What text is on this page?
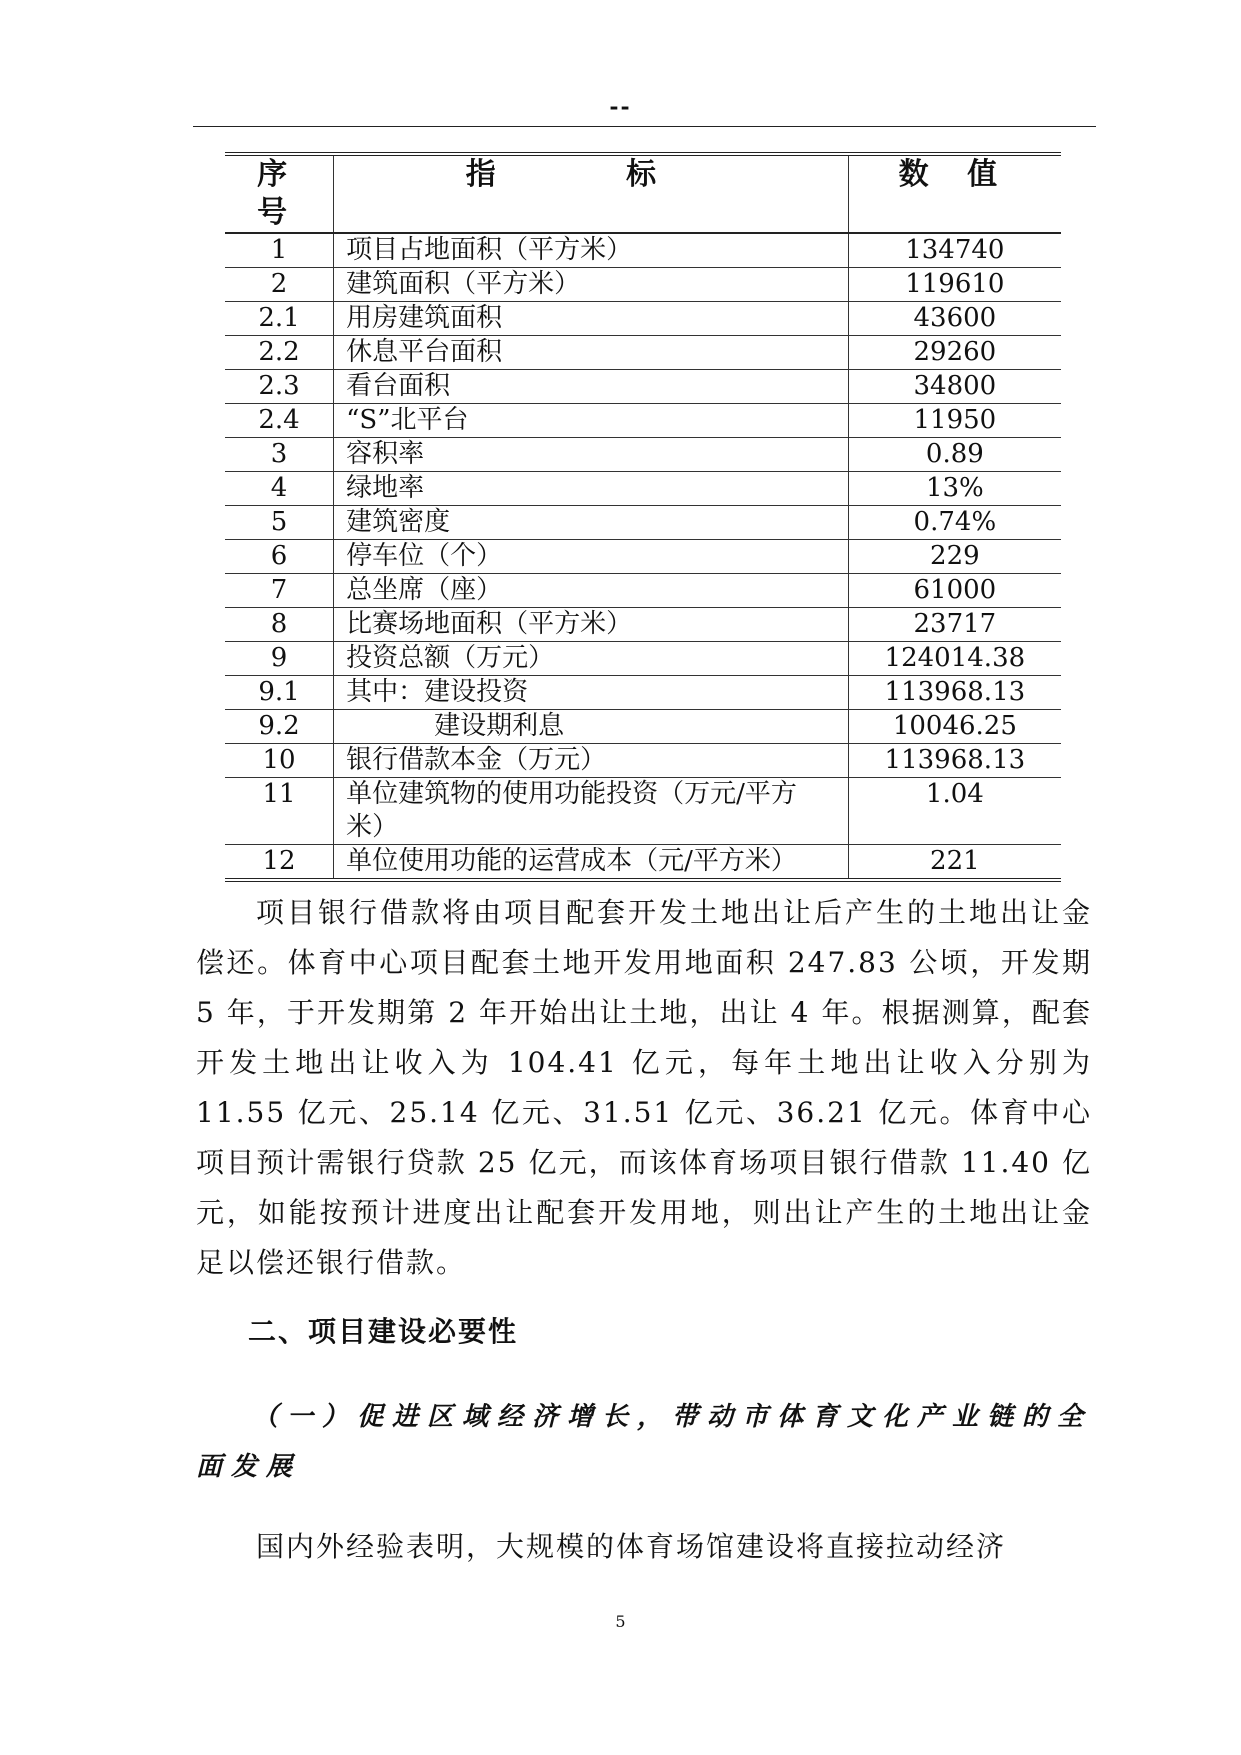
--
序 号	指 标	数 值
1	项目占地面积（平方米）	134740
2	建筑面积（平方米）	119610
2.1	用房建筑面积	43600
2.2	休息平台面积	29260
2.3	看台面积	34800
2.4	“S”北平台	11950
3	容积率	0.89
4	绿地率	13%
5	建筑密度	0.74%
6	停车位（个）	229
7	总坐席（座）	61000
8	比赛场地面积（平方米）	23717
9	投资总额（万元）	124014.38
9.1	其中：建设投资	113968.13
9.2	建设期利息	10046.25
10	银行借款本金（万元）	113968.13
11	单位建筑物的使用功能投资（万元/平方米）	1.04
12	单位使用功能的运营成本（元/平方米）	221

项目银行借款将由项目配套开发土地出让后产生的土地出让金偿还。体育中心项目配套土地开发用地面积 247.83 公顷，开发期 5 年，于开发期第 2 年开始出让土地，出让 4 年。根据测算，配套开发土地出让收入为 104.41 亿元，每年土地出让收入分别为 11.55 亿元、25.14 亿元、31.51 亿元、36.21 亿元。体育中心项目预计需银行贷款 25 亿元，而该体育场项目银行借款 11.40 亿元，如能按预计进度出让配套开发用地，则出让产生的土地出让金足以偿还银行借款。

二、项目建设必要性

（一）促进区域经济增长，带动市体育文化产业链的全面发展

国内外经验表明，大规模的体育场馆建设将直接拉动经济

5
